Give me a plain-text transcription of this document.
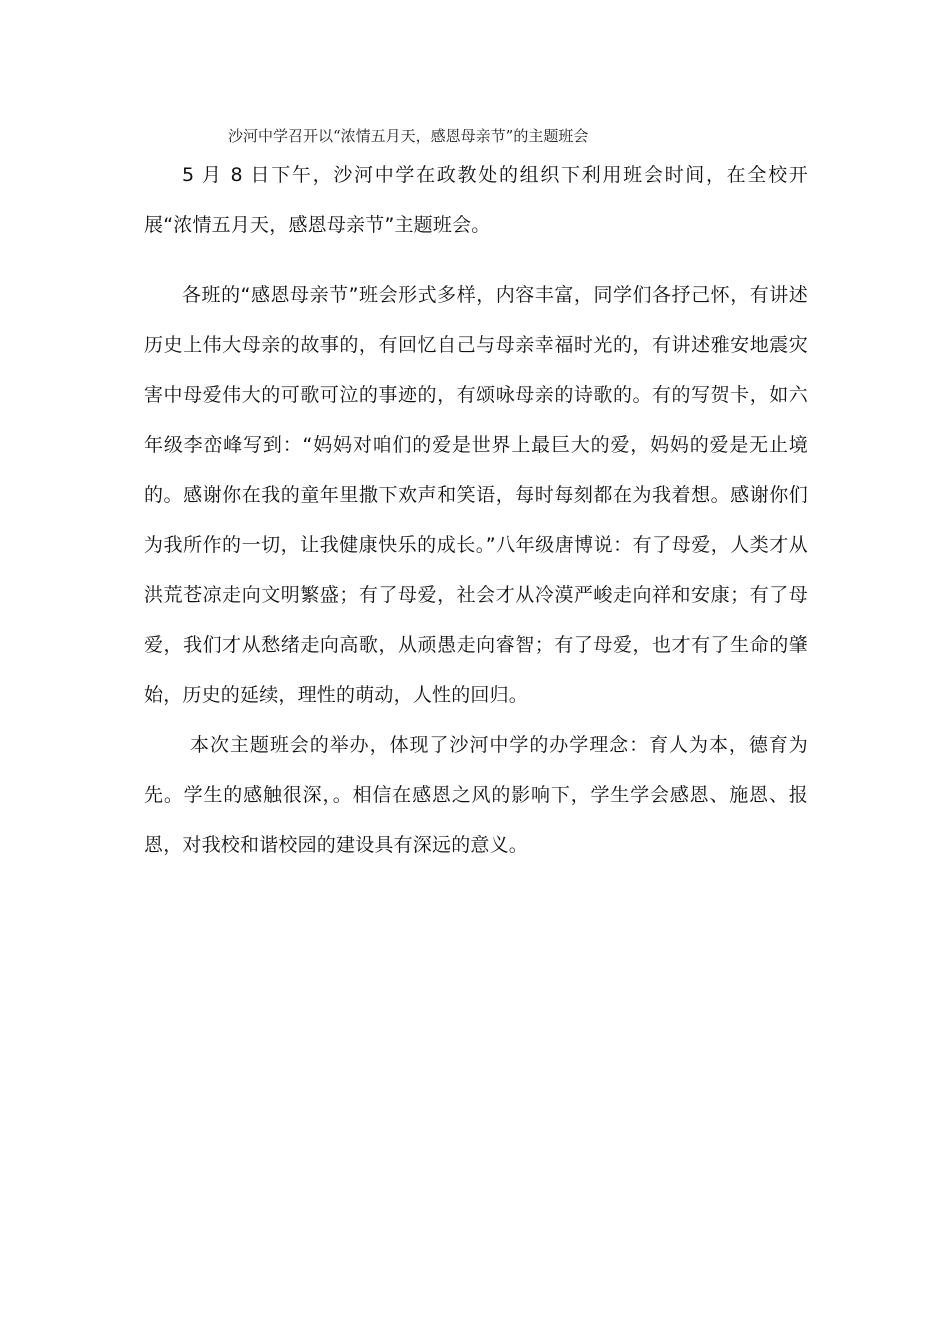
沙河中学召开以“浓情五月天，感恩母亲节”的主题班会

5 月 8 日下午，沙河中学在政教处的组织下利用班会时间，在全校开展“浓情五月天，感恩母亲节”主题班会。

各班的“感恩母亲节”班会形式多样，内容丰富，同学们各抒己怀，有讲述历史上伟大母亲的故事的，有回忆自己与母亲幸福时光的，有讲述雅安地震灾害中母爱伟大的可歌可泣的事迹的，有颂咏母亲的诗歌的。有的写贺卡，如六年级李峦峰写到：“妈妈对咱们的爱是世界上最巨大的爱，妈妈的爱是无止境的。感谢你在我的童年里撒下欢声和笑语，每时每刻都在为我着想。感谢你们为我所作的一切，让我健康快乐的成长。”八年级唐博说：有了母爱，人类才从洪荒苍凉走向文明繁盛；有了母爱，社会才从冷漠严峻走向祥和安康；有了母爱，我们才从愁绪走向高歌，从顽愚走向睿智；有了母爱，也才有了生命的肇始，历史的延续，理性的萌动，人性的回归。

本次主题班会的举办，体现了沙河中学的办学理念：育人为本，德育为先。学生的感触很深，。相信在感恩之风的影响下，学生学会感恩、施恩、报恩，对我校和谐校园的建设具有深远的意义。
